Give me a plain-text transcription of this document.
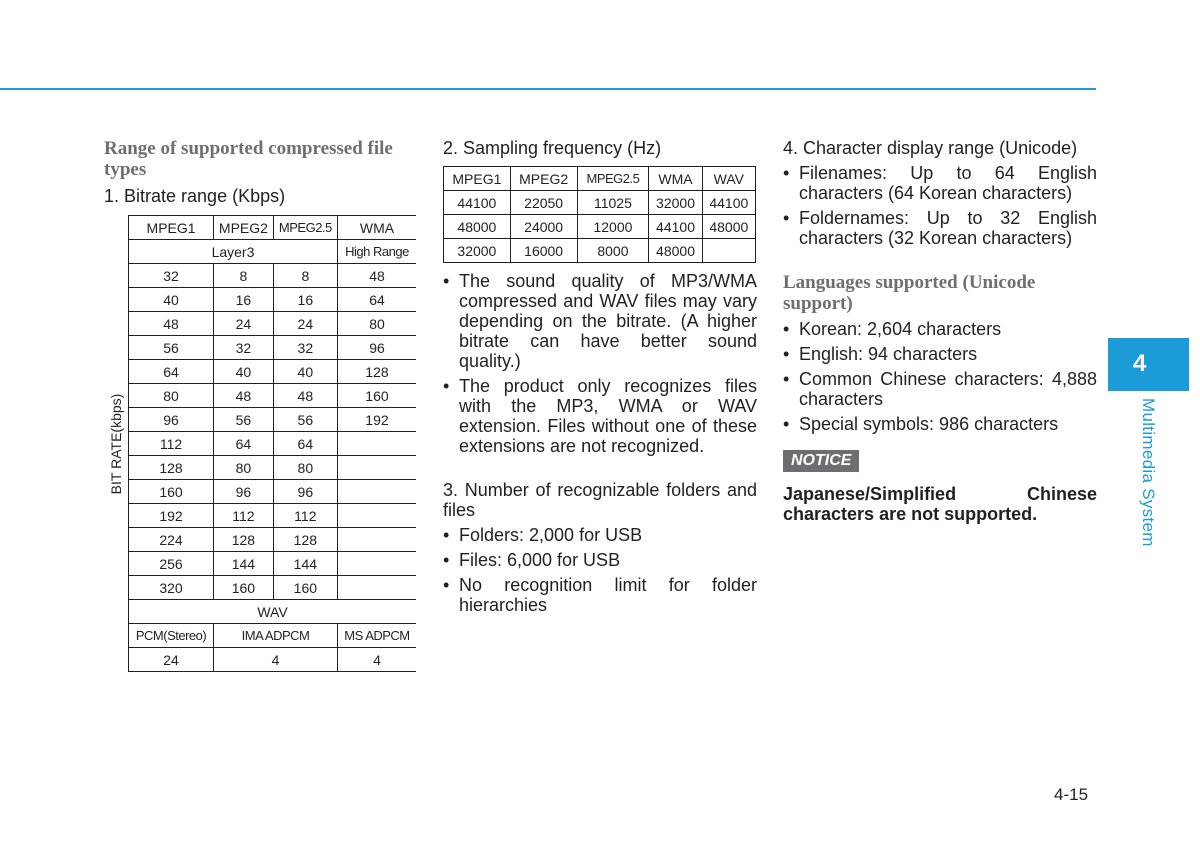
Range of supported compressed file types

1. Bitrate range (Kbps)

BIT RATE(kbps)	MPEG1	MPEG2	MPEG2.5	WMA
	Layer3			High Range
	32	8	8	48
	40	16	16	64
	48	24	24	80
	56	32	32	96
	64	40	40	128
	80	48	48	160
	96	56	56	192
	112	64	64	
	128	80	80	
	160	96	96	
	192	112	112	
	224	128	128	
	256	144	144	
	320	160	160	
	WAV			
	PCM(Stereo)	IMA ADPCM		MS ADPCM
	24	4		4

2. Sampling frequency (Hz)

MPEG1	MPEG2	MPEG2.5	WMA	WAV
44100	22050	11025	32000	44100
48000	24000	12000	44100	48000
32000	16000	8000	48000	
• The sound quality of MP3/WMA compressed and WAV files may vary depending on the bitrate. (A higher bitrate can have better sound quality.)
• The product only recognizes files with the MP3, WMA or WAV extension. Files without one of these extensions are not recognized.

3. Number of recognizable folders and files

• Folders: 2,000 for USB
• Files: 6,000 for USB
• No recognition limit for folder hierarchies

4. Character display range (Unicode)

• Filenames: Up to 64 English characters (64 Korean characters)
• Foldernames: Up to 32 English characters (32 Korean characters)

Languages supported (Unicode support)

• Korean: 2,604 characters
• English: 94 characters
• Common Chinese characters: 4,888 characters
• Special symbols: 986 characters
NOTICE

Japanese/Simplified Chinese characters are not supported.

4
Multimedia System
4-15
